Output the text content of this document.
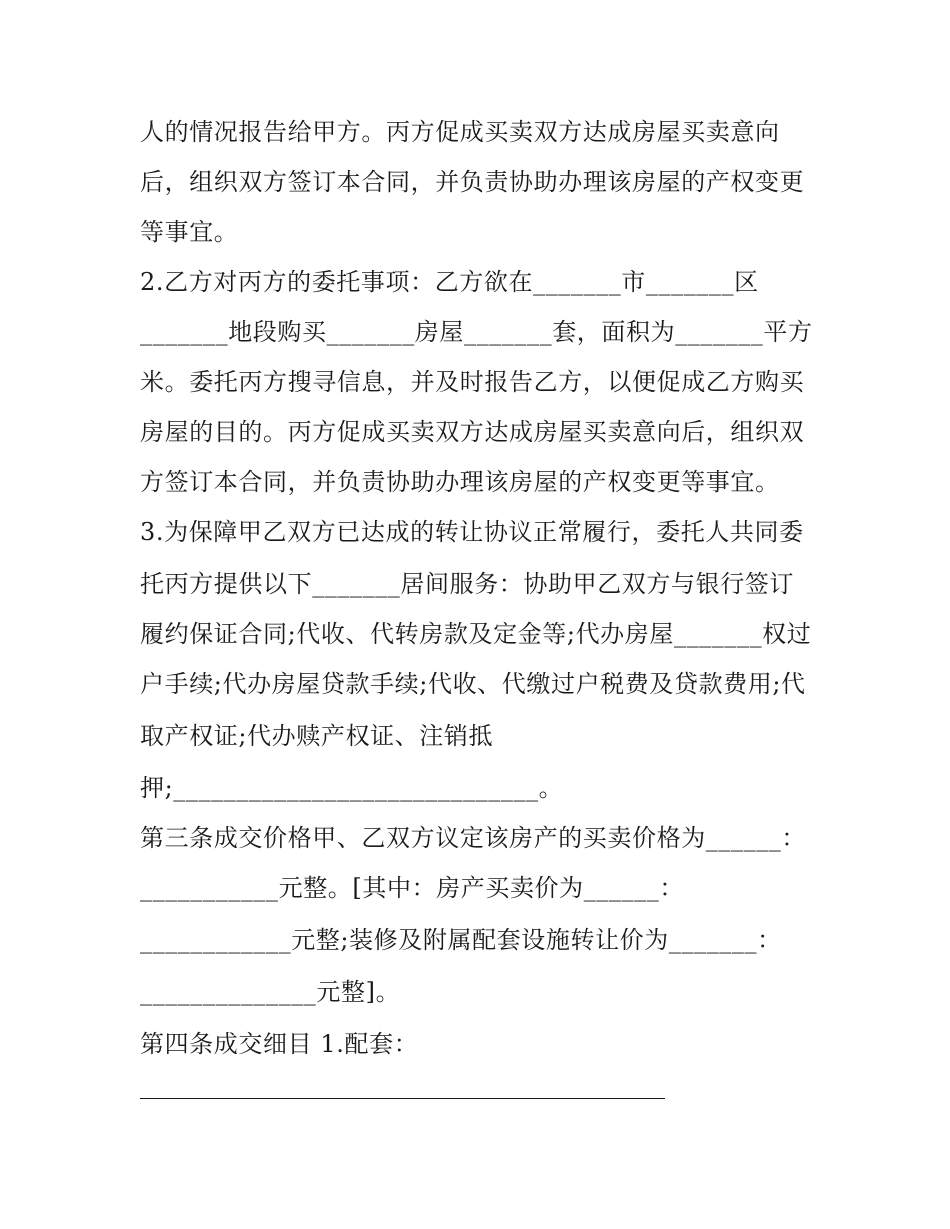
人的情况报告给甲方。丙方促成买卖双方达成房屋买卖意向
后，组织双方签订本合同，并负责协助办理该房屋的产权变更
等事宜。
2.乙方对丙方的委托事项：乙方欲在_______市_______区
_______地段购买_______房屋_______套，面积为_______平方
米。委托丙方搜寻信息，并及时报告乙方，以便促成乙方购买
房屋的目的。丙方促成买卖双方达成房屋买卖意向后，组织双
方签订本合同，并负责协助办理该房屋的产权变更等事宜。
3.为保障甲乙双方已达成的转让协议正常履行，委托人共同委
托丙方提供以下_______居间服务：协助甲乙双方与银行签订
履约保证合同;代收、代转房款及定金等;代办房屋_______权过
户手续;代办房屋贷款手续;代收、代缴过户税费及贷款费用;代
取产权证;代办赎产权证、注销抵
押;_____________________________。
第三条成交价格甲、乙双方议定该房产的买卖价格为______：
___________元整。[其中：房产买卖价为______：
____________元整;装修及附属配套设施转让价为_______：
______________元整]。
第四条成交细目 1.配套：
